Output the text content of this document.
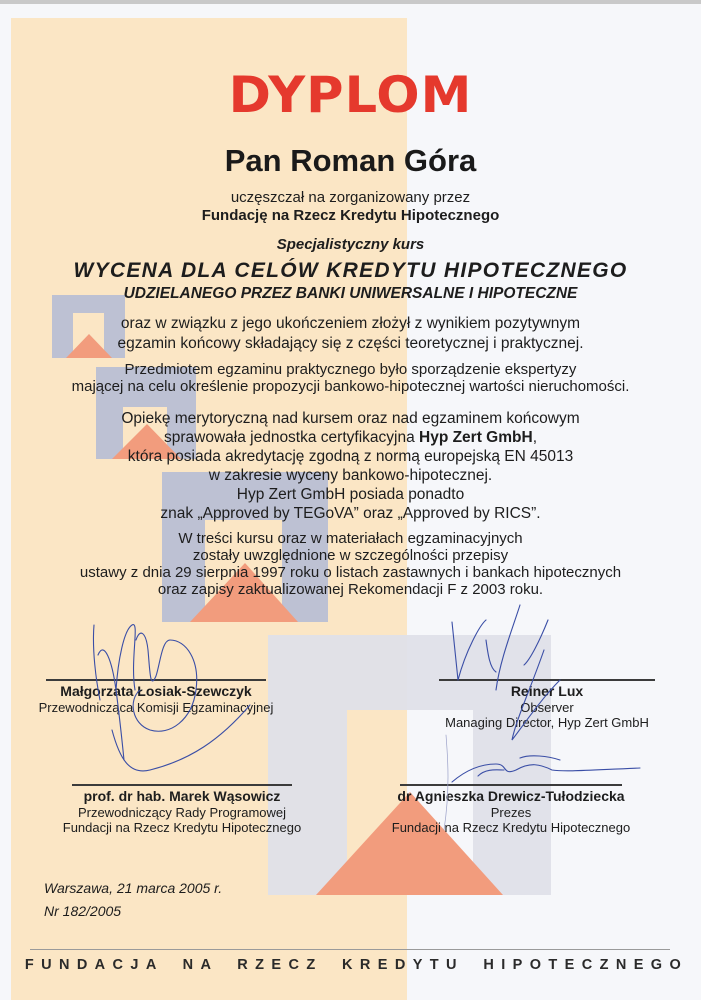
DYPLOM
Pan Roman Góra
uczęszczał na zorganizowany przez
Fundację na Rzecz Kredytu Hipotecznego
Specjalistyczny kurs
WYCENA DLA CELÓW KREDYTU HIPOTECZNEGO
UDZIELANEGO PRZEZ BANKI UNIWERSALNE I HIPOTECZNE
oraz w związku z jego ukończeniem złożył z wynikiem pozytywnym
egzamin końcowy składający się z części teoretycznej i praktycznej.
Przedmiotem egzaminu praktycznego było sporządzenie ekspertyzy
mającej na celu określenie propozycji bankowo-hipotecznej wartości nieruchomości.
Opiekę merytoryczną nad kursem oraz nad egzaminem końcowym
sprawowała jednostka certyfikacyjna Hyp Zert GmbH,
która posiada akredytację zgodną z normą europejską EN 45013
w zakresie wyceny bankowo-hipotecznej.
Hyp Zert GmbH posiada ponadto
znak „Approved by TEGoVA” oraz „Approved by RICS”.
W treści kursu oraz w materiałach egzaminacyjnych
zostały uwzględnione w szczególności przepisy
ustawy z dnia 29 sierpnia 1997 roku o listach zastawnych i bankach hipotecznych
oraz zapisy zaktualizowanej Rekomendacji F z 2003 roku.
Małgorzata Łosiak-Szewczyk
Przewodnicząca Komisji Egzaminacyjnej
Reiner Lux
Observer
Managing Director, Hyp Zert GmbH
prof. dr hab. Marek Wąsowicz
Przewodniczący Rady Programowej
Fundacji na Rzecz Kredytu Hipotecznego
dr Agnieszka Drewicz-Tułodziecka
Prezes
Fundacji na Rzecz Kredytu Hipotecznego
Warszawa, 21 marca 2005 r.
Nr 182/2005
FUNDACJA NA RZECZ KREDYTU HIPOTECZNEGO
